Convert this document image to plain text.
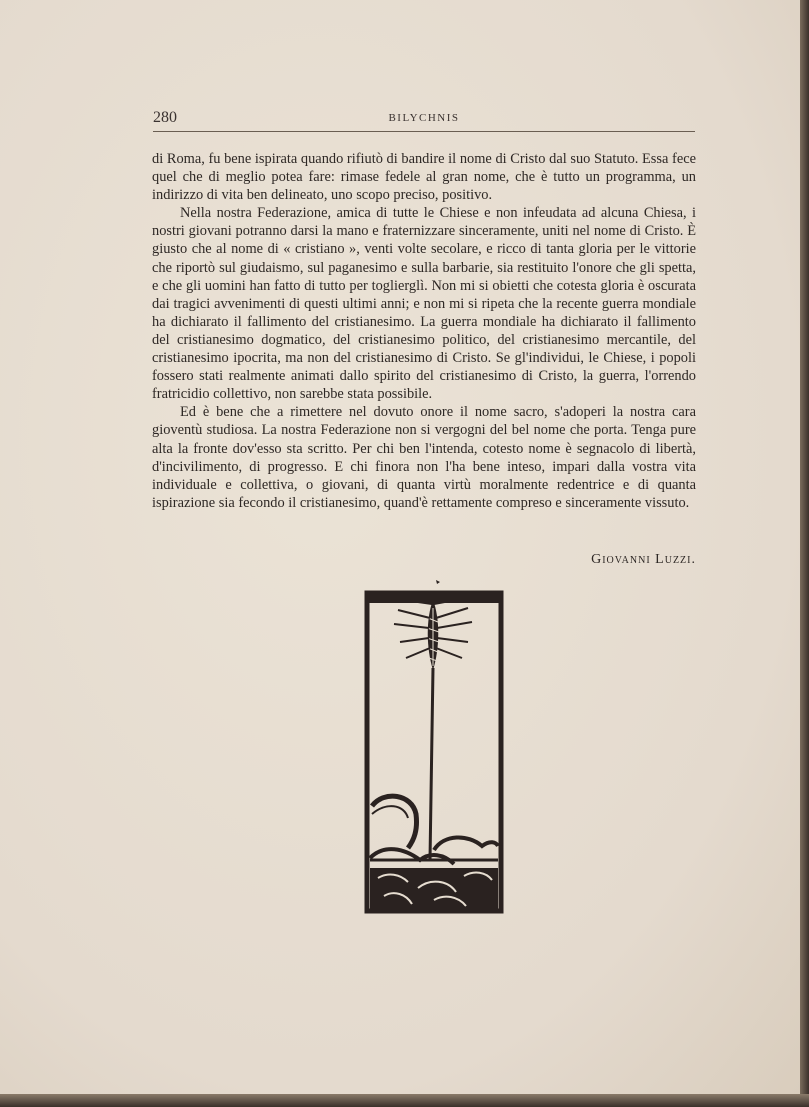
280	BILYCHNIS

di Roma, fu bene ispirata quando rifiutò di bandire il nome di Cristo dal suo Statuto. Essa fece quel che di meglio potea fare: rimase fedele al gran nome, che è tutto un programma, un indirizzo di vita ben delineato, uno scopo preciso, positivo.

Nella nostra Federazione, amica di tutte le Chiese e non infeudata ad alcuna Chiesa, i nostri giovani potranno darsi la mano e fraternizzare sinceramente, uniti nel nome di Cristo. È giusto che al nome di « cristiano », venti volte secolare, e ricco di tanta gloria per le vittorie che riportò sul giudaismo, sul paganesimo e sulla barbarie, sia restituito l'onore che gli spetta, e che gli uomini han fatto di tutto per toglierglì. Non mi si obietti che cotesta gloria è oscurata dai tragici avvenimenti di questi ultimi anni; e non mi si ripeta che la recente guerra mondiale ha dichiarato il fallimento del cristianesimo. La guerra mondiale ha dichiarato il fallimento del cristianesimo dogmatico, del cristianesimo politico, del cristianesimo mercantile, del cristianesimo ipocrita, ma non del cristianesimo di Cristo. Se gl'individui, le Chiese, i popoli fossero stati realmente animati dallo spirito del cristianesimo di Cristo, la guerra, l'orrendo fratricidio collettivo, non sarebbe stata possibile.

Ed è bene che a rimettere nel dovuto onore il nome sacro, s'adoperi la nostra cara gioventù studiosa. La nostra Federazione non si vergogni del bel nome che porta. Tenga pure alta la fronte dov'esso sta scritto. Per chi ben l'intenda, cotesto nome è segnacolo di libertà, d'incivilimento, di progresso. E chi finora non l'ha bene inteso, impari dalla vostra vita individuale e collettiva, o giovani, di quanta virtù moralmente redentrice e di quanta ispirazione sia fecondo il cristianesimo, quand'è rettamente compreso e sinceramente vissuto.

Giovanni Luzzi.
